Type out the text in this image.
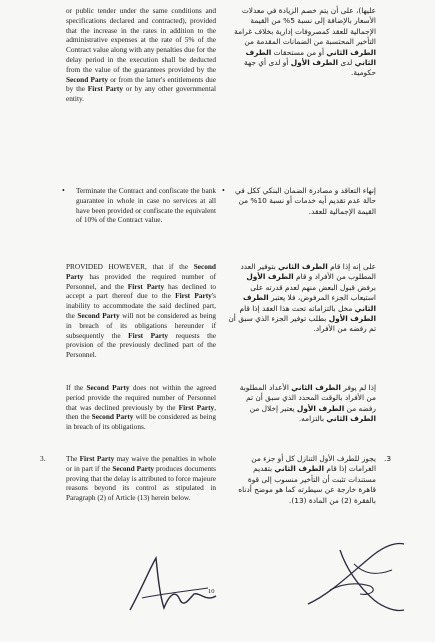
or public tender under the same conditions and specifications declared and contracted), provided that the increase in the rates in addition to the administrative expenses at the rate of 5% of the Contract value along with any penalties due for the delay period in the execution shall be deducted from the value of the guarantees provided by the Second Party or from the latter's entitlements due by the First Party or by any other governmental entity.
• Terminate the Contract and confiscate the bank guarantee in whole in case no services at all have been provided or confiscate the equivalent of 10% of the Contract value.
PROVIDED HOWEVER, that if the Second Party has provided the required number of Personnel, and the First Party has declined to accept a part thereof due to the First Party's inability to accommodate the said declined part, the Second Party will not be considered as being in breach of its obligations hereunder if subsequently the First Party requests the provision of the previously declined part of the Personnel.
If the Second Party does not within the agreed period provide the required number of Personnel that was declined previously by the First Party, then the Second Party will be considered as being in breach of its obligations.
3.	The First Party may waive the penalties in whole or in part if the Second Party produces documents proving that the delay is attributed to force majeure reasons beyond its control as stipulated in Paragraph (2) of Article (13) herein below.
عليها)، على أن يتم خصم الزيادة في معدلات الأسعار بالإضافة إلى نسبة 5% من القيمة الإجمالية للعقد كمصروفات إدارية بخلاف غرامة التأخير المحتسبة من الضمانات المقدمة من الطرف الثاني أو من مستحقات الطرف الثاني لدى الطرف الأول أو لدى أي جهة حكومية.
•	إنهاء التعاقد و مصادرة الضمان البنكي ككل في حالة عدم تقديم أيه خدمات أو نسبة 10% من القيمة الإجمالية للعقد.
على إنه إذا قام الطرف الثاني بتوفير العدد المطلوب من الأفراد و قام الطرف الأول برفض قبول البعض منهم لعدم قدرته على استيعاب الجزء المرفوض، فلا يعتبر الطرف الثاني مخل بالتزاماته تحت هذا العقد إذا قام الطرف الأول بطلب توفير الجزء الذي سبق أن تم رفضه من الأفراد.
إذا لم يوفر الطرف الثاني الأعداد المطلوبة من الأفراد بالوقت المحدد الذي سبق أن تم رفضه من الطرف الأول يعتبر إخلال من الطرف الثاني بالتزامه.
.3
يجوز للطرف الأول التنازل كل أو جزء من الغرامات إذا قام الطرف الثاني بتقديم مستندات تثبت أن التأخير منسوب إلى قوة قاهرة خارجة عن سيطرته كما هو موضح أدناه بالفقرة (2) من المادة (13).
10
